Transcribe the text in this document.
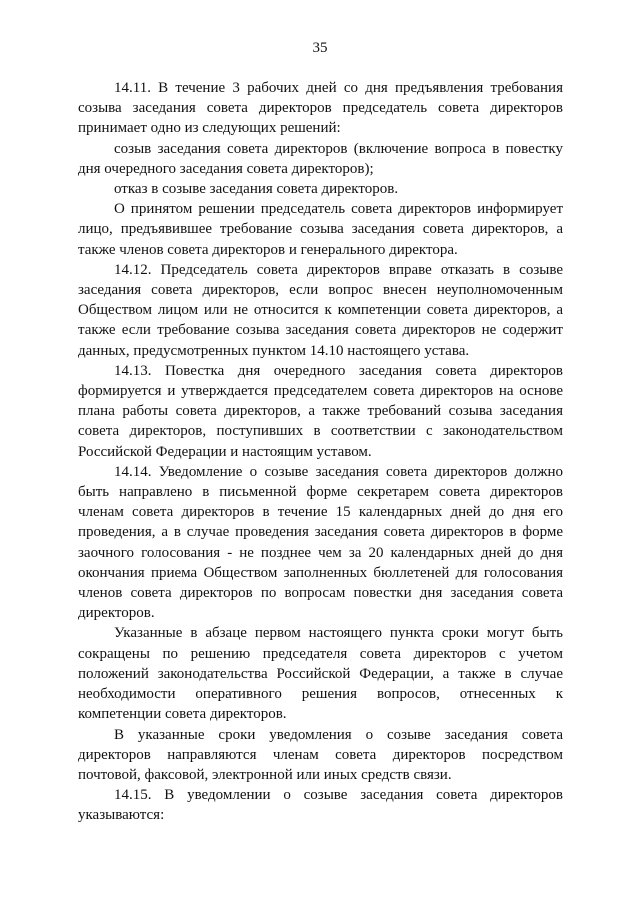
35

14.11. В течение 3 рабочих дней со дня предъявления требования созыва заседания совета директоров председатель совета директоров принимает одно из следующих решений:

созыв заседания совета директоров (включение вопроса в повестку дня очередного заседания совета директоров);

отказ в созыве заседания совета директоров.

О принятом решении председатель совета директоров информирует лицо, предъявившее требование созыва заседания совета директоров, а также членов совета директоров и генерального директора.

14.12. Председатель совета директоров вправе отказать в созыве заседания совета директоров, если вопрос внесен неуполномоченным Обществом лицом или не относится к компетенции совета директоров, а также если требование созыва заседания совета директоров не содержит данных, предусмотренных пунктом 14.10 настоящего устава.

14.13. Повестка дня очередного заседания совета директоров формируется и утверждается председателем совета директоров на основе плана работы совета директоров, а также требований созыва заседания совета директоров, поступивших в соответствии с законодательством Российской Федерации и настоящим уставом.

14.14. Уведомление о созыве заседания совета директоров должно быть направлено в письменной форме секретарем совета директоров членам совета директоров в течение 15 календарных дней до дня его проведения, а в случае проведения заседания совета директоров в форме заочного голосования - не позднее чем за 20 календарных дней до дня окончания приема Обществом заполненных бюллетеней для голосования членов совета директоров по вопросам повестки дня заседания совета директоров.

Указанные в абзаце первом настоящего пункта сроки могут быть сокращены по решению председателя совета директоров с учетом положений законодательства Российской Федерации, а также в случае необходимости оперативного решения вопросов, отнесенных к компетенции совета директоров.

В указанные сроки уведомления о созыве заседания совета директоров направляются членам совета директоров посредством почтовой, факсовой, электронной или иных средств связи.

14.15. В уведомлении о созыве заседания совета директоров указываются:
